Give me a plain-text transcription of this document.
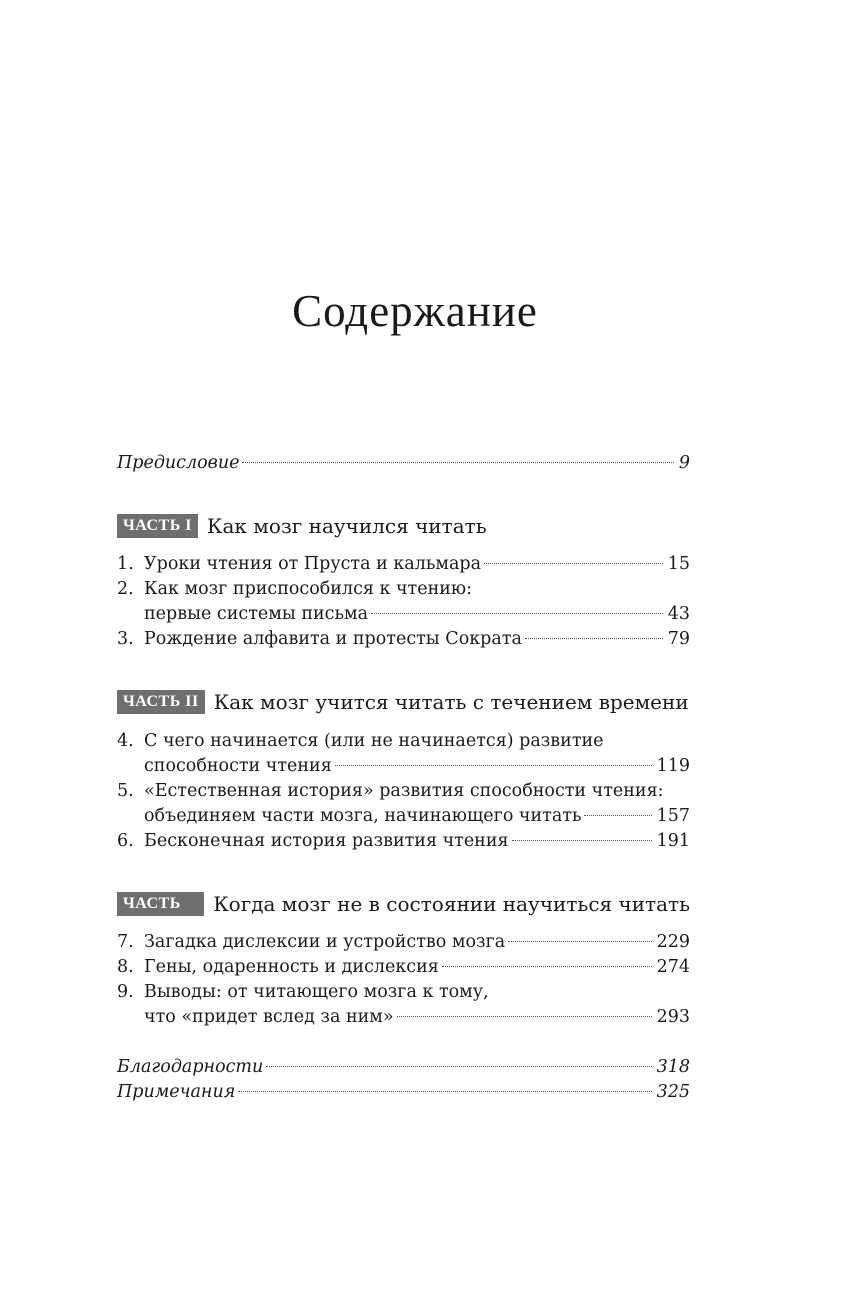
Содержание
Предисловие	9
ЧАСТЬ I Как мозг научился читать
1. Уроки чтения от Пруста и кальмара	15
2. Как мозг приспособился к чтению:
первые системы письма	43
3. Рождение алфавита и протесты Сократа	79
ЧАСТЬ II Как мозг учится читать с течением времени
4. С чего начинается (или не начинается) развитие
способности чтения	119
5. «Естественная история» развития способности чтения:
объединяем части мозга, начинающего читать	157
6. Бесконечная история развития чтения	191
ЧАСТЬ III
Когда мозг не в состоянии научиться читать
7. Загадка дислексии и устройство мозга	229
8. Гены, одаренность и дислексия	274
9. Выводы: от читающего мозга к тому,
что «придет вслед за ним»	293
Благодарности	318
Примечания	325
